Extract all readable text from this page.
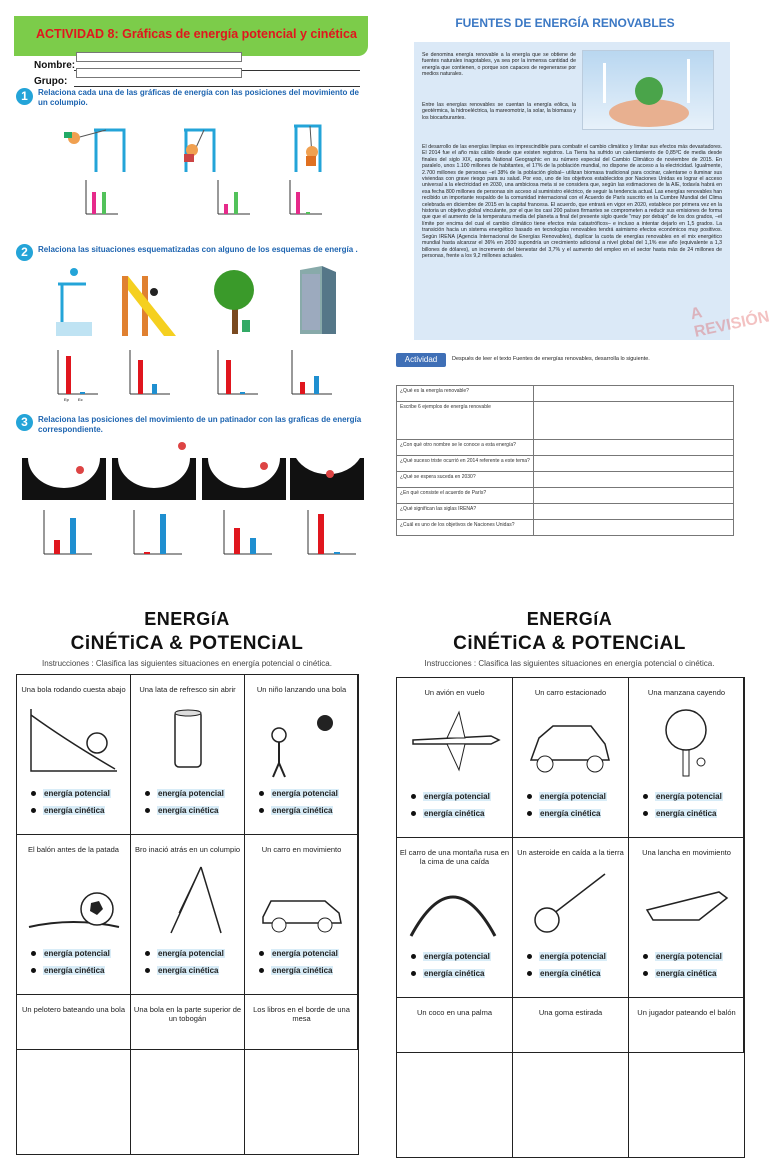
ACTIVIDAD 8: Gráficas de energía potencial y cinética
Nombre:
Grupo:
1	Relaciona cada una de las gráficas de energía con las posiciones del movimiento de un columpio.
2	Relaciona las situaciones esquematizadas con alguno de los esquemas de energía .
Ep Ec
3	Relaciona las posiciones del movimiento de un patinador con las graficas de energía correspondiente.
FUENTES DE ENERGÍA RENOVABLES
Se denomina energía renovable a la energía que se obtiene de fuentes naturales inagotables, ya sea por la inmensa cantidad de energía que contienen, o porque son capaces de regenerarse por medios naturales.
Entre las energías renovables se cuentan la energía eólica, la geotérmica, la hidroeléctrica, la mareomotriz, la solar, la biomasa y los biocarburantes.
El desarrollo de las energías limpias es imprescindible para combatir el cambio climático y limitar sus efectos más devastadores. El 2014 fue el año más cálido desde que existen registros. La Tierra ha sufrido un calentamiento de 0,85ºC de media desde finales del siglo XIX, apunta National Geographic en su número especial del Cambio Climático de noviembre de 2015. En paralelo, unos 1.100 millones de habitantes, el 17% de la población mundial, no dispone de acceso a la electricidad. Igualmente, 2.700 millones de personas –el 38% de la población global– utilizan biomasa tradicional para cocinar, calentarse o iluminar sus viviendas con grave riesgo para su salud. Por eso, uno de los objetivos establecidos por Naciones Unidas es lograr el acceso universal a la electricidad en 2030, una ambiciosa meta si se considera que, según las estimaciones de la AIE, todavía habrá en esa fecha 800 millones de personas sin acceso al suministro eléctrico, de seguir la tendencia actual. Las energías renovables han recibido un importante respaldo de la comunidad internacional con el Acuerdo de París suscrito en la Cumbre Mundial del Clima celebrada en diciembre de 2015 en la capital francesa. El acuerdo, que entrará en vigor en 2020, establece por primera vez en la historia un objetivo global vinculante, por el que los casi 200 países firmantes se comprometen a reducir sus emisiones de forma que que el aumento de la temperatura media del planeta a final del presente siglo quede "muy por debajo" de los dos grados, –el límite por encima del cual el cambio climático tiene efectos más catastróficos– e incluso a intentar dejarlo en 1,5 grados. La transición hacia un sistema energético basado en tecnologías renovables tendrá asimismo efectos económicos muy positivos. Según IRENA (Agencia Internacional de Energías Renovables), duplicar la cuota de energías renovables en el mix energético mundial hasta alcanzar el 36% en 2030 supondría un crecimiento adicional a nivel global del 1,1% ese año (equivalente a 1,3 billones de dólares), un incremento del bienestar del 3,7% y el aumento del empleo en el sector hasta más de 24 millones de personas, frente a los 9,2 millones actuales.
A REVISIÓN
Actividad	Después de leer el texto Fuentes de energías renovables, desarrolla lo siguiente.
¿Qué es la energía renovable?	
Escribe 6 ejemplos de energía renovable	
¿Con qué otro nombre se le conoce a esta energía?	
¿Qué suceso triste ocurrió en 2014 referente a este tema?	
¿Qué se espera suceda en 2030?	
¿En qué consiste el acuerdo de París?	
¿Qué significan las siglas IRENA?	
¿Cuál es uno de los objetivos de Naciones Unidas?	
ENERGíA
CiNÉTiCA & POTENCiAL
Instrucciones : Clasifica las siguientes situaciones en energía potencial o cinética.
Una bola rodando cuesta abajo
energía potencial
energía cinética
Una lata de refresco sin abrir
energía potencial
energía cinética
Un niño lanzando una bola
energía potencial
energía cinética
El balón antes de la patada
energía potencial
energía cinética
Bro inació atrás en un columpio
energía potencial
energía cinética
Un carro en movimiento
energía potencial
energía cinética
Un pelotero bateando una bola	Una bola en la parte superior de un tobogán
Los libros en el borde de una mesa
ENERGíA
CiNÉTiCA & POTENCiAL
Instrucciones : Clasifica las siguientes situaciones en energía potencial o cinética.
Un avión en vuelo
energía potencial
energía cinética
Un carro estacionado
energía potencial
energía cinética
Una manzana cayendo
energía potencial
energía cinética
El carro de una montaña rusa en la cima de una caída
energía potencial
energía cinética
Un asteroide en caída a la tierra
energía potencial
energía cinética
Una lancha en movimiento
energía potencial
energía cinética
Un coco en una palma	Una goma estirada	Un jugador pateando el balón
